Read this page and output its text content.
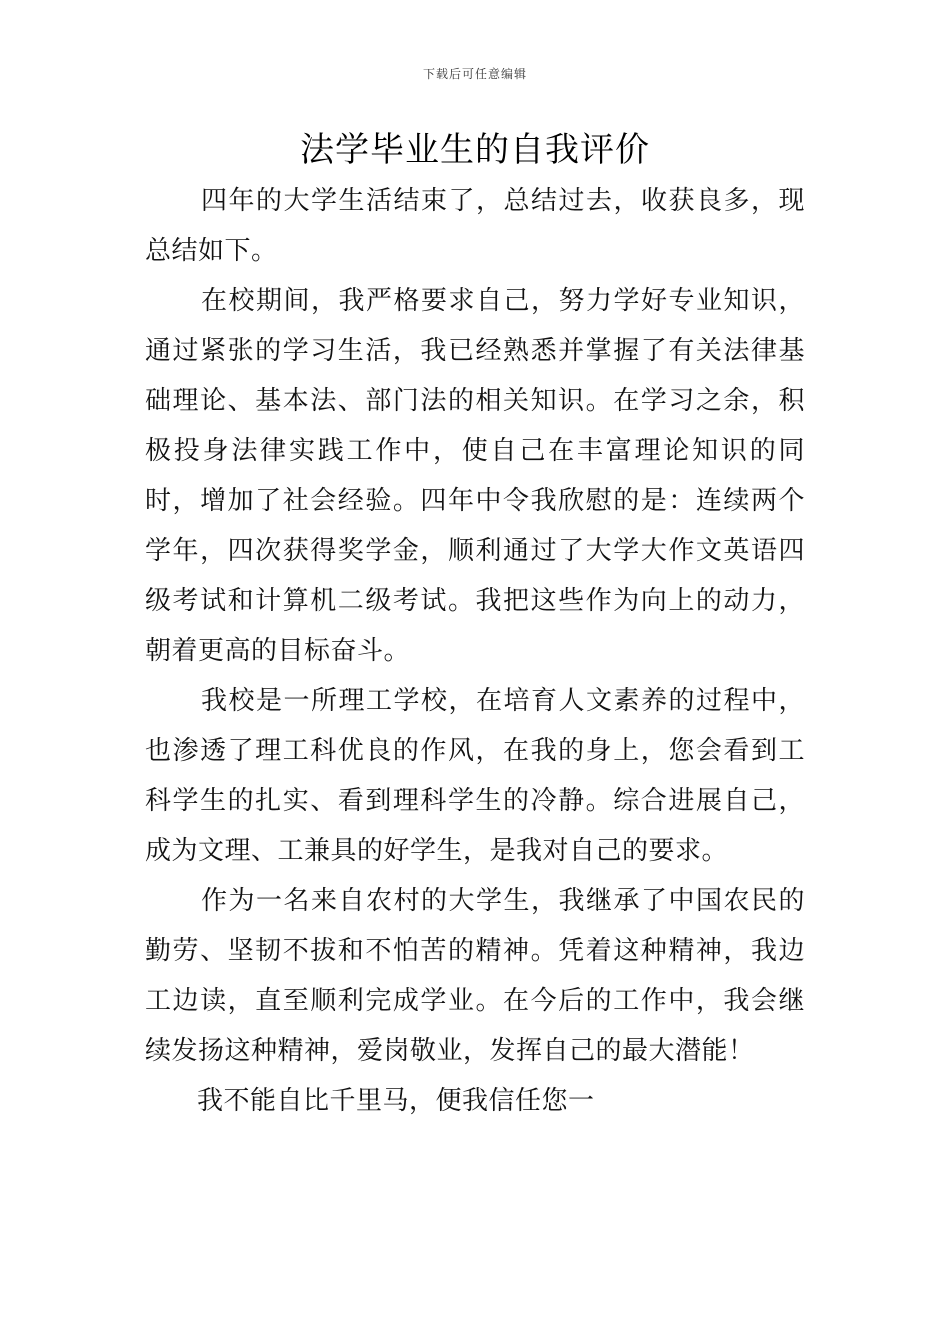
下载后可任意编辑
法学毕业生的自我评价

四年的大学生活结束了，总结过去，收获良多，现总结如下。

在校期间，我严格要求自己，努力学好专业知识，通过紧张的学习生活，我已经熟悉并掌握了有关法律基础理论、基本法、部门法的相关知识。在学习之余，积极投身法律实践工作中，使自己在丰富理论知识的同时，增加了社会经验。四年中令我欣慰的是：连续两个学年，四次获得奖学金，顺利通过了大学大作文英语四级考试和计算机二级考试。我把这些作为向上的动力，朝着更高的目标奋斗。

我校是一所理工学校，在培育人文素养的过程中，也渗透了理工科优良的作风，在我的身上，您会看到工科学生的扎实、看到理科学生的冷静。综合进展自己，成为文理、工兼具的好学生，是我对自己的要求。

作为一名来自农村的大学生，我继承了中国农民的勤劳、坚韧不拔和不怕苦的精神。凭着这种精神，我边工边读，直至顺利完成学业。在今后的工作中，我会继续发扬这种精神，爱岗敬业，发挥自己的最大潜能！

我不能自比千里马，便我信任您一
